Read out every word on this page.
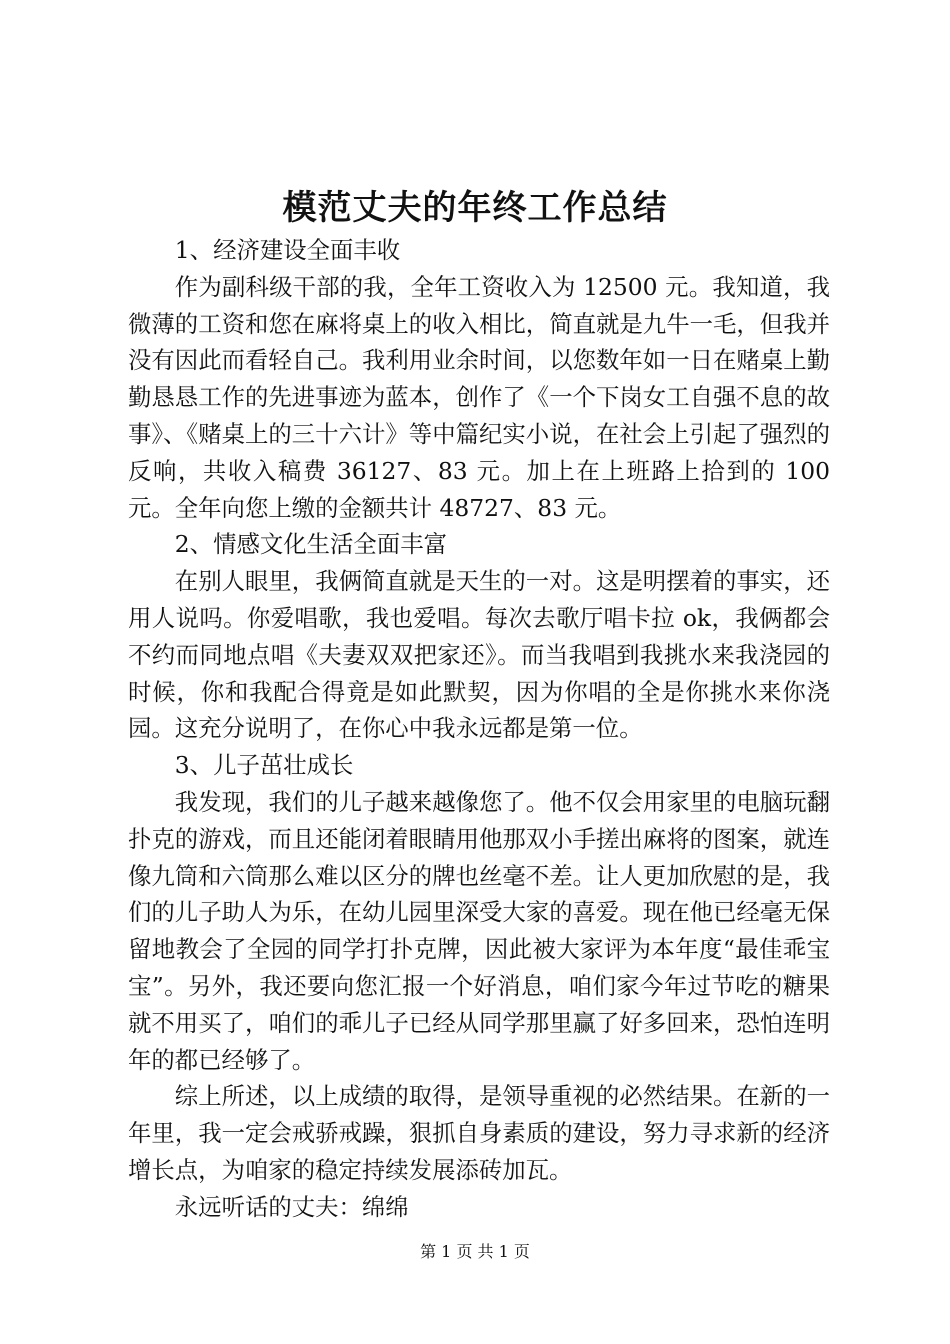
模范丈夫的年终工作总结

1、经济建设全面丰收

作为副科级干部的我，全年工资收入为 12500 元。我知道，我微薄的工资和您在麻将桌上的收入相比，简直就是九牛一毛，但我并没有因此而看轻自己。我利用业余时间，以您数年如一日在赌桌上勤勤恳恳工作的先进事迹为蓝本，创作了《一个下岗女工自强不息的故事》、《赌桌上的三十六计》等中篇纪实小说，在社会上引起了强烈的反响，共收入稿费 36127、83 元。加上在上班路上拾到的 100 元。全年向您上缴的金额共计 48727、83 元。

2、情感文化生活全面丰富

在别人眼里，我俩简直就是天生的一对。这是明摆着的事实，还用人说吗。你爱唱歌，我也爱唱。每次去歌厅唱卡拉 ok，我俩都会不约而同地点唱《夫妻双双把家还》。而当我唱到我挑水来我浇园的时候，你和我配合得竟是如此默契，因为你唱的全是你挑水来你浇园。这充分说明了，在你心中我永远都是第一位。

3、儿子茁壮成长

我发现，我们的儿子越来越像您了。他不仅会用家里的电脑玩翻扑克的游戏，而且还能闭着眼睛用他那双小手搓出麻将的图案，就连像九筒和六筒那么难以区分的牌也丝毫不差。让人更加欣慰的是，我们的儿子助人为乐，在幼儿园里深受大家的喜爱。现在他已经毫无保留地教会了全园的同学打扑克牌，因此被大家评为本年度“最佳乖宝宝”。另外，我还要向您汇报一个好消息，咱们家今年过节吃的糖果就不用买了，咱们的乖儿子已经从同学那里赢了好多回来，恐怕连明年的都已经够了。

综上所述，以上成绩的取得，是领导重视的必然结果。在新的一年里，我一定会戒骄戒躁，狠抓自身素质的建设，努力寻求新的经济增长点，为咱家的稳定持续发展添砖加瓦。

永远听话的丈夫：绵绵

第 1 页 共 1 页
